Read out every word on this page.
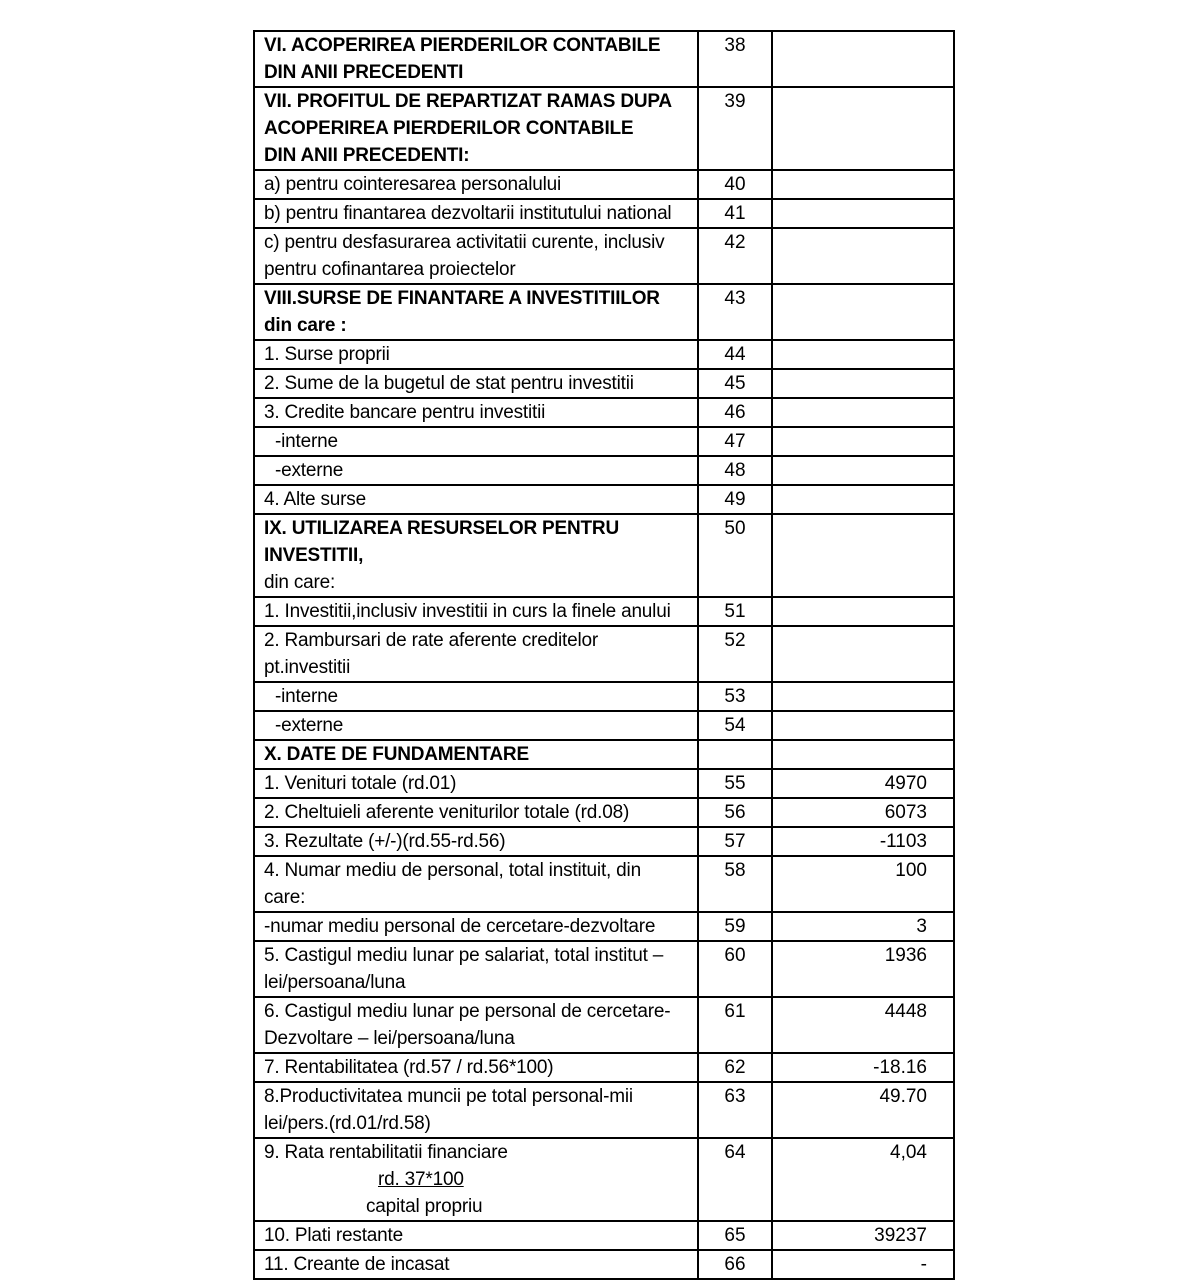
VI. ACOPERIREA PIERDERILOR CONTABILE
DIN ANII PRECEDENTI	38	
VII. PROFITUL DE REPARTIZAT RAMAS DUPA
ACOPERIREA PIERDERILOR CONTABILE
DIN ANII PRECEDENTI:	39	
a) pentru cointeresarea personalului	40	
b) pentru finantarea dezvoltarii institutului national	41	
c) pentru desfasurarea activitatii curente, inclusiv
pentru cofinantarea proiectelor	42	
VIII.SURSE DE FINANTARE A INVESTITIILOR
din care :	43	
1. Surse proprii	44	
2. Sume de la bugetul de stat pentru investitii	45	
3. Credite bancare pentru investitii	46	
-interne	47	
-externe	48	
4. Alte surse	49	
IX. UTILIZAREA RESURSELOR PENTRU
INVESTITII,
din care:	50	
1. Investitii,inclusiv investitii in curs la finele anului	51	
2. Rambursari de rate aferente creditelor
pt.investitii	52	
-interne	53	
-externe	54	
X. DATE DE FUNDAMENTARE		
1. Venituri totale (rd.01)	55	4970
2. Cheltuieli aferente veniturilor totale (rd.08)	56	6073
3. Rezultate (+/-)(rd.55-rd.56)	57	-1103
4. Numar mediu de personal, total instituit, din
care:	58	100
-numar mediu personal de cercetare-dezvoltare	59	3
5. Castigul mediu lunar pe salariat, total institut –
lei/persoana/luna	60	1936
6. Castigul mediu lunar pe personal de cercetare-
Dezvoltare – lei/persoana/luna	61	4448
7. Rentabilitatea (rd.57 / rd.56*100)	62	-18.16
8.Productivitatea muncii pe total personal-mii
lei/pers.(rd.01/rd.58)	63	49.70
9. Rata rentabilitatii financiare
rd. 37*100
capital propriu	64	4,04
10. Plati restante	65	39237
11. Creante de incasat	66	-
